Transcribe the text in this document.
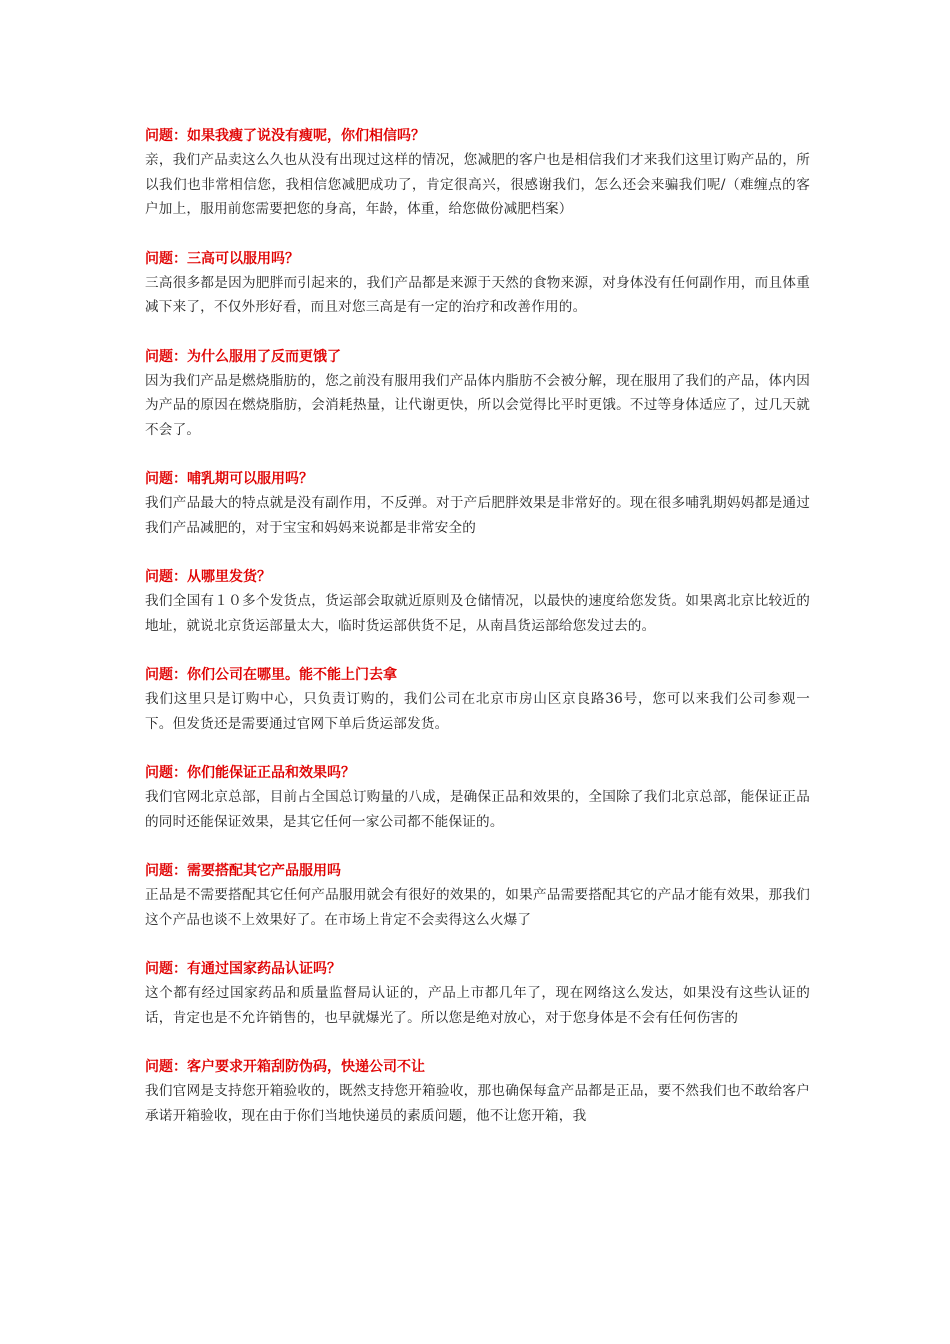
问题：如果我瘦了说没有瘦呢，你们相信吗？
亲，我们产品卖这么久也从没有出现过这样的情况，您减肥的客户也是相信我们才来我们这里订购产品的，所以我们也非常相信您，我相信您减肥成功了，肯定很高兴，很感谢我们，怎么还会来骗我们呢/（难缠点的客户加上，服用前您需要把您的身高，年龄，体重，给您做份减肥档案）
问题：三高可以服用吗？
三高很多都是因为肥胖而引起来的，我们产品都是来源于天然的食物来源，对身体没有任何副作用，而且体重减下来了，不仅外形好看，而且对您三高是有一定的治疗和改善作用的。
问题：为什么服用了反而更饿了
因为我们产品是燃烧脂肪的，您之前没有服用我们产品体内脂肪不会被分解，现在服用了我们的产品，体内因为产品的原因在燃烧脂肪，会消耗热量，让代谢更快，所以会觉得比平时更饿。不过等身体适应了，过几天就不会了。
问题：哺乳期可以服用吗？
我们产品最大的特点就是没有副作用，不反弹。对于产后肥胖效果是非常好的。现在很多哺乳期妈妈都是通过我们产品减肥的，对于宝宝和妈妈来说都是非常安全的
问题：从哪里发货？
我们全国有１０多个发货点，货运部会取就近原则及仓储情况，以最快的速度给您发货。如果离北京比较近的地址，就说北京货运部量太大，临时货运部供货不足，从南昌货运部给您发过去的。
问题：你们公司在哪里。能不能上门去拿
我们这里只是订购中心，只负责订购的，我们公司在北京市房山区京良路36号，您可以来我们公司参观一下。但发货还是需要通过官网下单后货运部发货。
问题：你们能保证正品和效果吗？
我们官网北京总部，目前占全国总订购量的八成，是确保正品和效果的，全国除了我们北京总部，能保证正品的同时还能保证效果，是其它任何一家公司都不能保证的。
问题：需要搭配其它产品服用吗
正品是不需要搭配其它任何产品服用就会有很好的效果的，如果产品需要搭配其它的产品才能有效果，那我们这个产品也谈不上效果好了。在市场上肯定不会卖得这么火爆了
问题：有通过国家药品认证吗？
这个都有经过国家药品和质量监督局认证的，产品上市都几年了，现在网络这么发达，如果没有这些认证的话，肯定也是不允许销售的，也早就爆光了。所以您是绝对放心，对于您身体是不会有任何伤害的
问题：客户要求开箱刮防伪码，快递公司不让
我们官网是支持您开箱验收的，既然支持您开箱验收，那也确保每盒产品都是正品，要不然我们也不敢给客户承诺开箱验收，现在由于你们当地快递员的素质问题，他不让您开箱，我
